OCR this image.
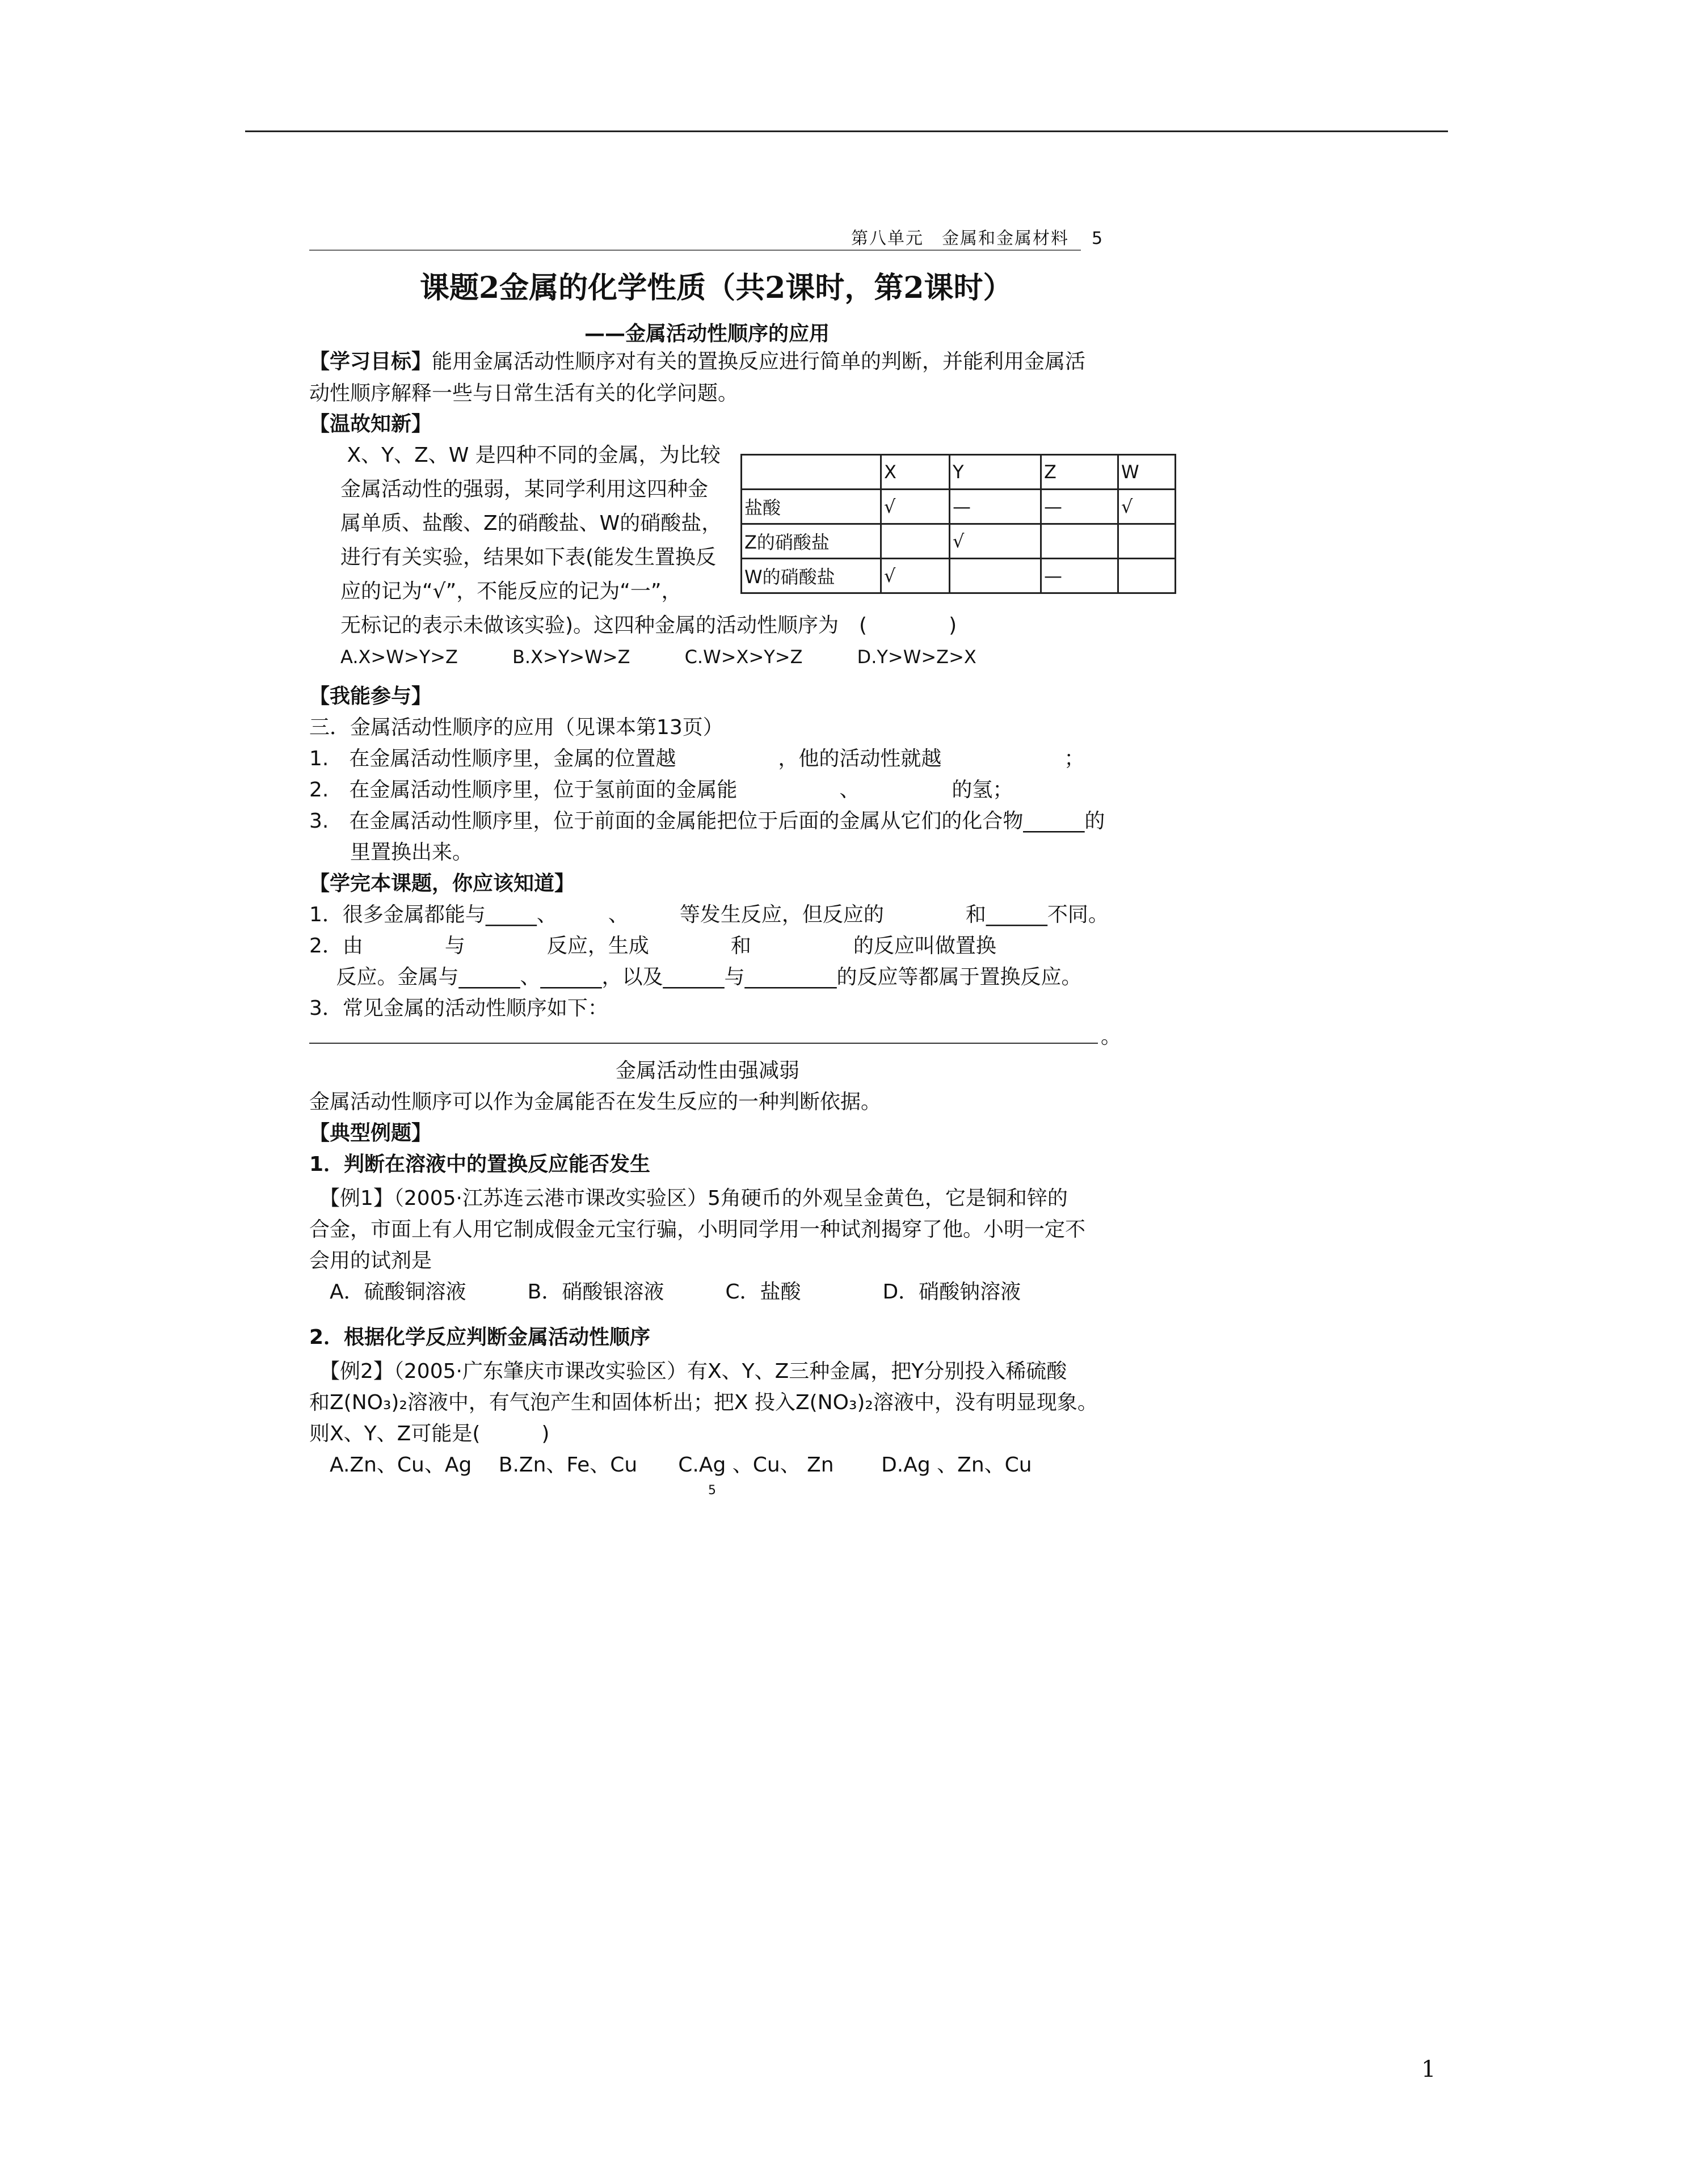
第八单元　金属和金属材料 5
课题2金属的化学性质（共2课时，第2课时）
——金属活动性顺序的应用
【学习目标】能用金属活动性顺序对有关的置换反应进行简单的判断，并能利用金属活
动性顺序解释一些与日常生活有关的化学问题。
【温故知新】
X、Y、Z、W 是四种不同的金属，为比较
金属活动性的强弱，某同学利用这四种金
属单质、盐酸、Z的硝酸盐、W的硝酸盐，
进行有关实验，结果如下表(能发生置换反
应的记为“√”，不能反应的记为“一”，
无标记的表示未做该实验)。这四种金属的活动性顺序为　(　　　　)
A.X>W>Y>Z　　　B.X>Y>W>Z　　　C.W>X>Y>Z　　　D.Y>W>Z>X
	X	Y	Z	W
盐酸	√	—	—	√
Z的硝酸盐		√		
W的硝酸盐	√		—	
【我能参与】
三．金属活动性顺序的应用（见课本第13页）
1.　在金属活动性顺序里，金属的位置越　　　　　，他的活动性就越　　　　　　；
2.　在金属活动性顺序里，位于氢前面的金属能　　　　　、　　　　　的氢；
3.　在金属活动性顺序里，位于前面的金属能把位于后面的金属从它们的化合物______的
　　里置换出来。
【学完本课题，你应该知道】
1．很多金属都能与_____、　　　、　　　等发生反应，但反应的　　　　和______不同。
2．由　　　　与　　　　反应，生成　　　　和　　　　　的反应叫做置换
　 反应。金属与______、______，以及______与_________的反应等都属于置换反应。
3．常见金属的活动性顺序如下：
。
金属活动性由强减弱
金属活动性顺序可以作为金属能否在发生反应的一种判断依据。
【典型例题】
1．判断在溶液中的置换反应能否发生
　【例1】（2005·江苏连云港市课改实验区）5角硬币的外观呈金黄色，它是铜和锌的
合金，市面上有人用它制成假金元宝行骗，小明同学用一种试剂揭穿了他。小明一定不
会用的试剂是
　A．硫酸铜溶液　　　B．硝酸银溶液　　　C．盐酸　　　　D．硝酸钠溶液
2．根据化学反应判断金属活动性顺序
　【例2】（2005·广东肇庆市课改实验区）有X、Y、Z三种金属，把Y分别投入稀硫酸
和Z(NO₃)₂溶液中，有气泡产生和固体析出；把X 投入Z(NO₃)₂溶液中，没有明显现象。
则X、Y、Z可能是(　　　)
　A.Zn、Cu、Ag　 B.Zn、Fe、Cu　　C.Ag 、Cu、 Zn　　 D.Ag 、Zn、Cu
5
1
